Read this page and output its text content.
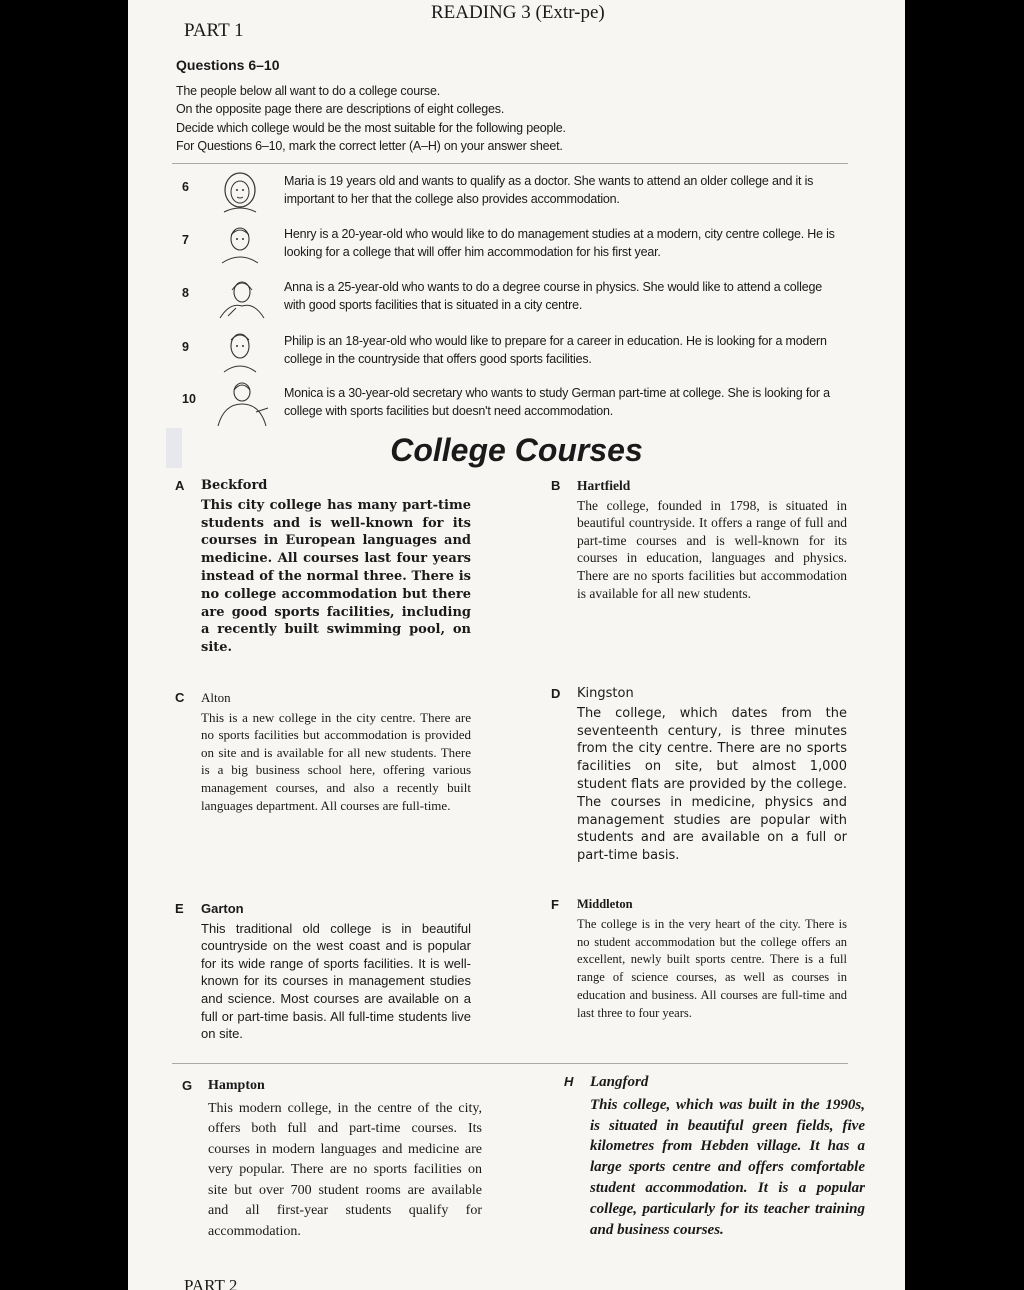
READING 3 (Extr-pe)
PART 1
Questions 6–10
The people below all want to do a college course.
On the opposite page there are descriptions of eight colleges.
Decide which college would be the most suitable for the following people.
For Questions 6–10, mark the correct letter (A–H) on your answer sheet.
6	Maria is 19 years old and wants to qualify as a doctor. She wants to attend an older college and it is important to her that the college also provides accommodation.
7	Henry is a 20-year-old who would like to do management studies at a modern, city centre college. He is looking for a college that will offer him accommodation for his first year.
8	Anna is a 25-year-old who wants to do a degree course in physics. She would like to attend a college with good sports facilities that is situated in a city centre.
9	Philip is an 18-year-old who would like to prepare for a career in education. He is looking for a modern college in the countryside that offers good sports facilities.
10	Monica is a 30-year-old secretary who wants to study German part-time at college. She is looking for a college with sports facilities but doesn't need accommodation.
College Courses
A Beckford
This city college has many part-time students and is well-known for its courses in European languages and medicine. All courses last four years instead of the normal three. There is no college accommodation but there are good sports facilities, including a recently built swimming pool, on site.
B Hartfield
The college, founded in 1798, is situated in beautiful countryside. It offers a range of full and part-time courses and is well-known for its courses in education, languages and physics. There are no sports facilities but accommodation is available for all new students.
C Alton
This is a new college in the city centre. There are no sports facilities but accommodation is provided on site and is available for all new students. There is a big business school here, offering various management courses, and also a recently built languages department. All courses are full-time.
D Kingston
The college, which dates from the seventeenth century, is three minutes from the city centre. There are no sports facilities on site, but almost 1,000 student flats are provided by the college. The courses in medicine, physics and management studies are popular with students and are available on a full or part-time basis.
E Garton
This traditional old college is in beautiful countryside on the west coast and is popular for its wide range of sports facilities. It is well-known for its courses in management studies and science. Most courses are available on a full or part-time basis. All full-time students live on site.
F Middleton
The college is in the very heart of the city. There is no student accommodation but the college offers an excellent, newly built sports centre. There is a full range of science courses, as well as courses in education and business. All courses are full-time and last three to four years.
G Hampton
This modern college, in the centre of the city, offers both full and part-time courses. Its courses in modern languages and medicine are very popular. There are no sports facilities on site but over 700 student rooms are available and all first-year students qualify for accommodation.
H Langford
This college, which was built in the 1990s, is situated in beautiful green fields, five kilometres from Hebden village. It has a large sports centre and offers comfortable student accommodation. It is a popular college, particularly for its teacher training and business courses.
PART 2
